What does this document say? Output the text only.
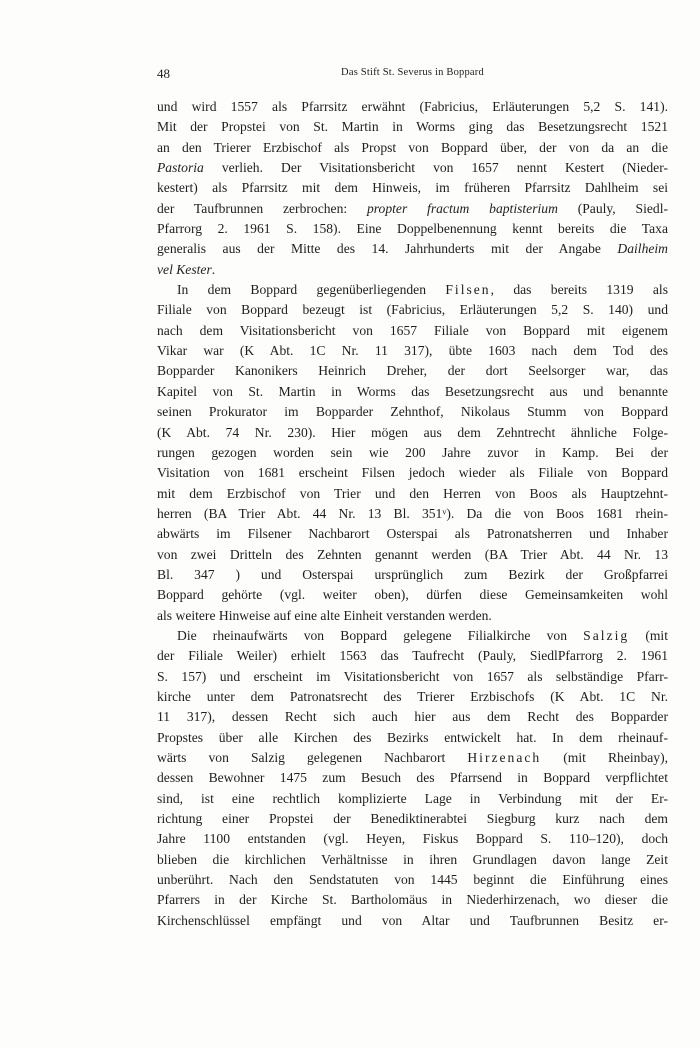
48	Das Stift St. Severus in Boppard
und wird 1557 als Pfarrsitz erwähnt (Fabricius, Erläuterungen 5,2 S. 141).
Mit der Propstei von St. Martin in Worms ging das Besetzungsrecht 1521
an den Trierer Erzbischof als Propst von Boppard über, der von da an die
Pastoria verlieh. Der Visitationsbericht von 1657 nennt Kestert (Nieder-
kestert) als Pfarrsitz mit dem Hinweis, im früheren Pfarrsitz Dahlheim sei
der Taufbrunnen zerbrochen: propter fractum baptisterium (Pauly, Siedl-
Pfarrorg 2. 1961 S. 158). Eine Doppelbenennung kennt bereits die Taxa
generalis aus der Mitte des 14. Jahrhunderts mit der Angabe Dailheim
vel Kester.
In dem Boppard gegenüberliegenden Filsen, das bereits 1319 als
Filiale von Boppard bezeugt ist (Fabricius, Erläuterungen 5,2 S. 140) und
nach dem Visitationsbericht von 1657 Filiale von Boppard mit eigenem
Vikar war (K Abt. 1C Nr. 11 317), übte 1603 nach dem Tod des
Bopparder Kanonikers Heinrich Dreher, der dort Seelsorger war, das
Kapitel von St. Martin in Worms das Besetzungsrecht aus und benannte
seinen Prokurator im Bopparder Zehnthof, Nikolaus Stumm von Boppard
(K Abt. 74 Nr. 230). Hier mögen aus dem Zehntrecht ähnliche Folge-
rungen gezogen worden sein wie 200 Jahre zuvor in Kamp. Bei der
Visitation von 1681 erscheint Filsen jedoch wieder als Filiale von Boppard
mit dem Erzbischof von Trier und den Herren von Boos als Hauptzehnt-
herren (BA Trier Abt. 44 Nr. 13 Bl. 351ᵛ). Da die von Boos 1681 rhein-
abwärts im Filsener Nachbarort Osterspai als Patronatsherren und Inhaber
von zwei Dritteln des Zehnten genannt werden (BA Trier Abt. 44 Nr. 13
Bl. 347 ) und Osterspai ursprünglich zum Bezirk der Großpfarrei
Boppard gehörte (vgl. weiter oben), dürfen diese Gemeinsamkeiten wohl
als weitere Hinweise auf eine alte Einheit verstanden werden.
Die rheinaufwärts von Boppard gelegene Filialkirche von Salzig (mit
der Filiale Weiler) erhielt 1563 das Taufrecht (Pauly, SiedlPfarrorg 2. 1961
S. 157) und erscheint im Visitationsbericht von 1657 als selbständige Pfarr-
kirche unter dem Patronatsrecht des Trierer Erzbischofs (K Abt. 1C Nr.
11 317), dessen Recht sich auch hier aus dem Recht des Bopparder
Propstes über alle Kirchen des Bezirks entwickelt hat. In dem rheinauf-
wärts von Salzig gelegenen Nachbarort Hirzenach (mit Rheinbay),
dessen Bewohner 1475 zum Besuch des Pfarrsend in Boppard verpflichtet
sind, ist eine rechtlich komplizierte Lage in Verbindung mit der Er-
richtung einer Propstei der Benediktinerabtei Siegburg kurz nach dem
Jahre 1100 entstanden (vgl. Heyen, Fiskus Boppard S. 110–120), doch
blieben die kirchlichen Verhältnisse in ihren Grundlagen davon lange Zeit
unberührt. Nach den Sendstatuten von 1445 beginnt die Einführung eines
Pfarrers in der Kirche St. Bartholomäus in Niederhirzenach, wo dieser die
Kirchenschlüssel empfängt und von Altar und Taufbrunnen Besitz er-
